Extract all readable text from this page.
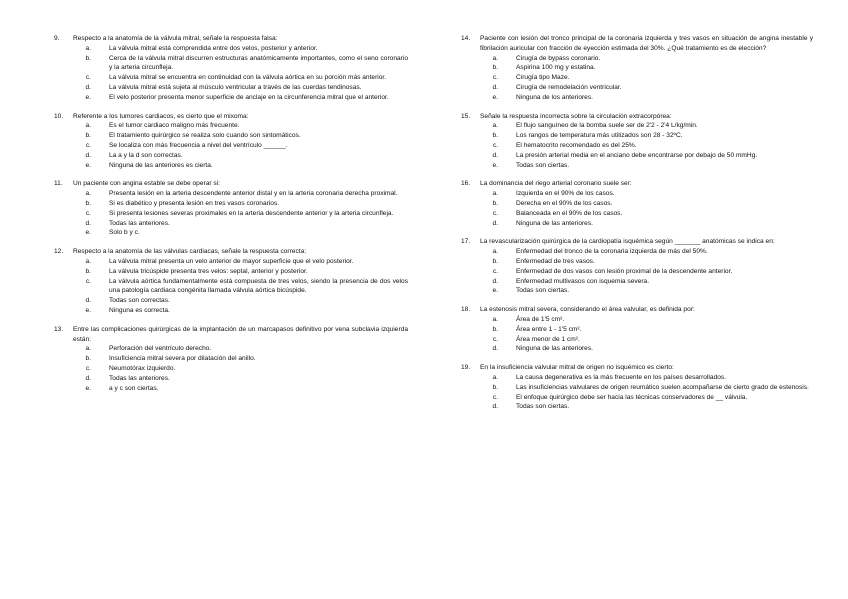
9.	Respecto a la anatomía de la válvula mitral, señale la respuesta falsa:
a.	La válvula mitral está comprendida entre dos velos, posterior y anterior.
b.	Cerca de la válvula mitral discurren estructuras anatómicamente importantes, como el seno coronario y la arteria circunfleja.
c.	La válvula mitral se encuentra en continuidad con la válvula aórtica en su porción más anterior.
d.	La válvula mitral está sujeta al músculo ventricular a través de las cuerdas tendinosas.
e.	El velo posterior presenta menor superficie de anclaje en la circunferencia mitral que el anterior.
10.	Referente a los tumores cardiacos, es cierto que el mixoma:
a.	Es el tumor cardiaco maligno más frecuente.
b.	El tratamiento quirúrgico se realiza solo cuando son sintomáticos.
c.	Se localiza con más frecuencia a nivel del ventrículo ______.
d.	La a y la d son correctas.
e.	Ninguna de las anteriores es cierta.
11.	Un paciente con angina estable se debe operar si:
a.	Presenta lesión en la arteria descendente anterior distal y en la arteria coronaria derecha proximal.
b.	Si es diabético y presenta lesión en tres vasos coronarios.
c.	Si presenta lesiones severas proximales en la arteria descendente anterior y la arteria circunfleja.
d.	Todas las anteriores.
e.	Solo b y c.
12.	Respecto a la anatomía de las válvulas cardiacas, señale la respuesta correcta:
a.	La válvula mitral presenta un velo anterior de mayor superficie que el velo posterior.
b.	La válvula tricúspide presenta tres velos: septal, anterior y posterior.
c.	La válvula aórtica fundamentalmente está compuesta de tres velos, siendo la presencia de dos velos una patología cardiaca congénita llamada válvula aórtica bicúspide.
d.	Todas son correctas.
e.	Ninguna es correcta.
13.	Entre las complicaciones quirúrgicas de la implantación de un marcapasos definitivo por vena subclavia izquierda están:
a.	Perforación del ventrículo derecho.
b.	Insuficiencia mitral severa por dilatación del anillo.
c.	Neumotórax izquierdo.
d.	Todas las anteriores.
e.	a y c son ciertas.
14.	Paciente con lesión del tronco principal de la coronaria izquierda y tres vasos en situación de angina inestable y fibrilación auricular con fracción de eyección estimada del 30%. ¿Qué tratamiento es de elección?
a.	Cirugía de bypass coronario.
b.	Aspirina 100 mg y estatina.
c.	Cirugía tipo Maze.
d.	Cirugía de remodelación ventricular.
e.	Ninguna de los anteriores.
15.	Señale la respuesta incorrecta sobre la circulación extracorpórea:
a.	El flujo sanguíneo de la bomba suele ser de 2'2 - 2'4 L/kg/min.
b.	Los rangos de temperatura más utilizados son 28 - 32ºC.
c.	El hematocrito recomendado es del 25%.
d.	La presión arterial media en el anciano debe encontrarse por debajo de 50 mmHg.
e.	Todas son ciertas.
16.	La dominancia del riego arterial coronario suele ser:
a.	Izquierda en el 90% de los casos.
b.	Derecha en el 90% de los casos.
c.	Balanceada en el 90% de los casos.
d.	Ninguna de las anteriores.
17.	La revascularización quirúrgica de la cardiopatía isquémica según _______ anatómicas se indica en:
a.	Enfermedad del tronco de la coronaria izquierda de más del 50%.
b.	Enfermedad de tres vasos.
c.	Enfermedad de dos vasos con lesión proximal de la descendente anterior.
d.	Enfermedad multivasos con isquemia severa.
e.	Todas son ciertas.
18.	La estenosis mitral severa, considerando el área valvular, es definida por:
a.	Área de 1'5 cm².
b.	Área entre 1 - 1'5 cm².
c.	Área menor de 1 cm².
d.	Ninguna de las anteriores.
19.	En la insuficiencia valvular mitral de origen no isquémico es cierto:
a.	La causa degenerativa es la más frecuente en los países desarrollados.
b.	Las insuficiencias valvulares de origen reumático suelen acompañarse de cierto grado de estenosis.
c.	El enfoque quirúrgico debe ser hacia las técnicas conservadores de __ válvula.
d.	Todas son ciertas.
